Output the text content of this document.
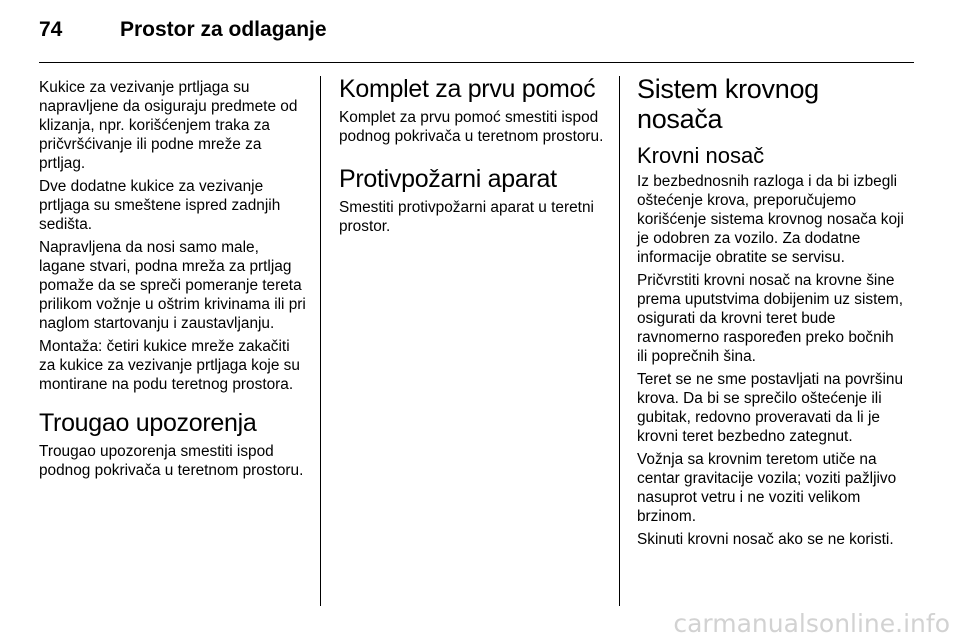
74	Prostor za odlaganje

Kukice za vezivanje prtljaga su napravljene da osiguraju predmete od klizanja, npr. korišćenjem traka za pričvršćivanje ili podne mreže za prtljag.

Dve dodatne kukice za vezivanje prtljaga su smeštene ispred zadnjih sedišta.

Napravljena da nosi samo male, lagane stvari, podna mreža za prtljag pomaže da se spreči pomeranje tereta prilikom vožnje u oštrim krivinama ili pri naglom startovanju i zaustavljanju.

Montaža: četiri kukice mreže zakačiti za kukice za vezivanje prtljaga koje su montirane na podu teretnog prostora.

Trougao upozorenja

Trougao upozorenja smestiti ispod podnog pokrivača u teretnom prostoru.

Komplet za prvu pomoć

Komplet za prvu pomoć smestiti ispod podnog pokrivača u teretnom prostoru.

Protivpožarni aparat

Smestiti protivpožarni aparat u teretni prostor.

Sistem krovnog nosača
Krovni nosač

Iz bezbednosnih razloga i da bi izbegli oštećenje krova, preporučujemo korišćenje sistema krovnog nosača koji je odobren za vozilo. Za dodatne informacije obratite se servisu.

Pričvrstiti krovni nosač na krovne šine prema uputstvima dobijenim uz sistem, osigurati da krovni teret bude ravnomerno raspoređen preko bočnih ili poprečnih šina.

Teret se ne sme postavljati na površinu krova. Da bi se sprečilo oštećenje ili gubitak, redovno proveravati da li je krovni teret bezbedno zategnut.

Vožnja sa krovnim teretom utiče na centar gravitacije vozila; voziti pažljivo nasuprot vetru i ne voziti velikom brzinom.

Skinuti krovni nosač ako se ne koristi.

carmanualsonline.info
